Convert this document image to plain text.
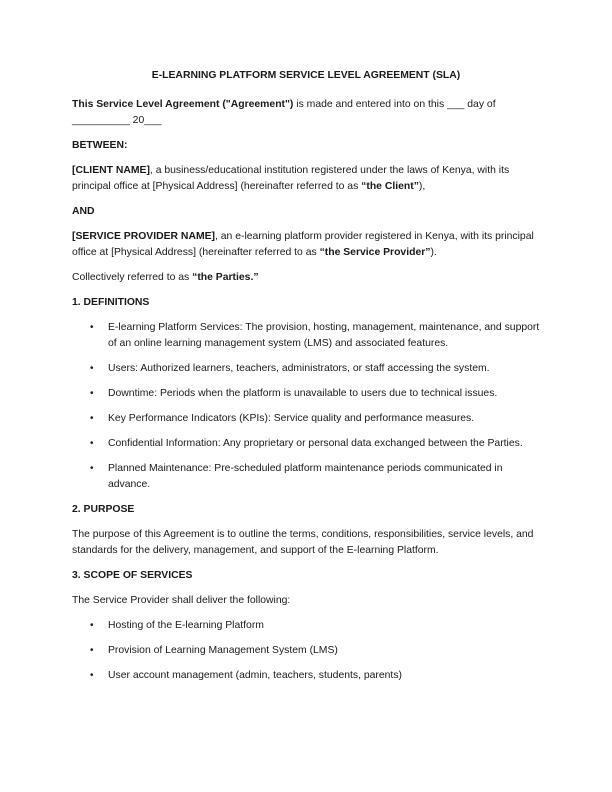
E-LEARNING PLATFORM SERVICE LEVEL AGREEMENT (SLA)

This Service Level Agreement ("Agreement") is made and entered into on this ___ day of __________ 20___

BETWEEN:

[CLIENT NAME], a business/educational institution registered under the laws of Kenya, with its principal office at [Physical Address] (hereinafter referred to as “the Client”),

AND

[SERVICE PROVIDER NAME], an e-learning platform provider registered in Kenya, with its principal office at [Physical Address] (hereinafter referred to as “the Service Provider”).

Collectively referred to as “the Parties.”

1. DEFINITIONS

• E-learning Platform Services: The provision, hosting, management, maintenance, and support of an online learning management system (LMS) and associated features.
• Users: Authorized learners, teachers, administrators, or staff accessing the system.
• Downtime: Periods when the platform is unavailable to users due to technical issues.
• Key Performance Indicators (KPIs): Service quality and performance measures.
• Confidential Information: Any proprietary or personal data exchanged between the Parties.
• Planned Maintenance: Pre-scheduled platform maintenance periods communicated in advance.

2. PURPOSE

The purpose of this Agreement is to outline the terms, conditions, responsibilities, service levels, and standards for the delivery, management, and support of the E-learning Platform.

3. SCOPE OF SERVICES

The Service Provider shall deliver the following:

• Hosting of the E-learning Platform
• Provision of Learning Management System (LMS)
• User account management (admin, teachers, students, parents)
